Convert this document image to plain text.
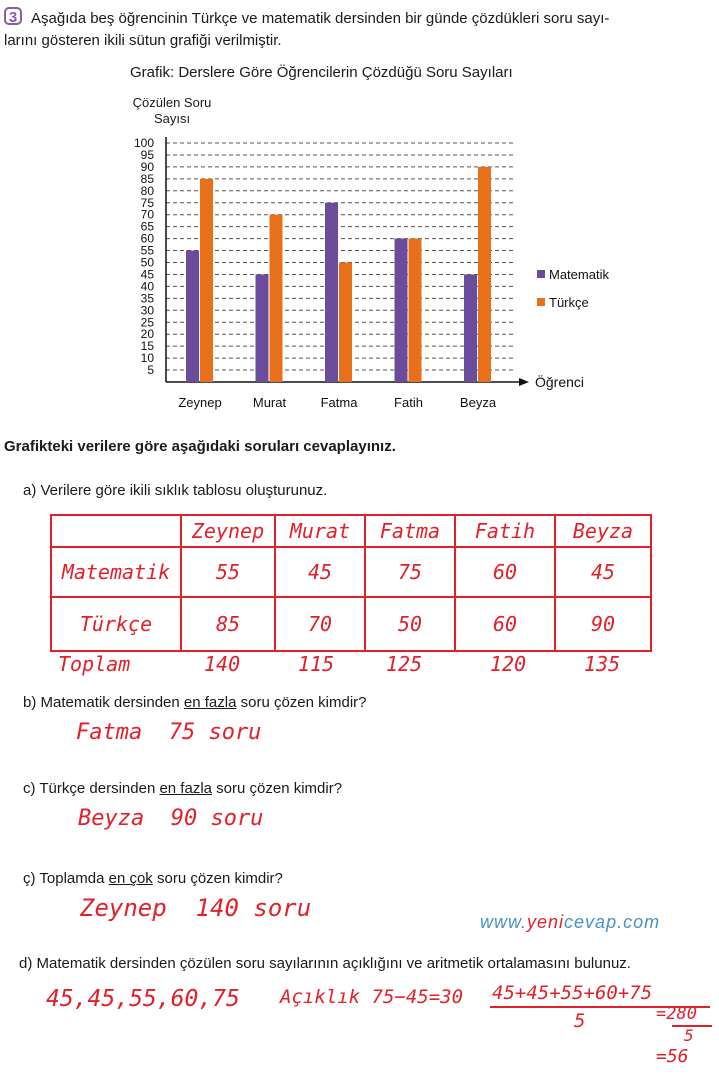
3 Aşağıda beş öğrencinin Türkçe ve matematik dersinden bir günde çözdükleri soru sayı-
larını gösteren ikili sütun grafiği verilmiştir.
Grafik: Derslere Göre Öğrencilerin Çözdüğü Soru Sayıları
Çözülen Soru
Sayısı
5
10
15
20
25
30
35
40
45
50
55
60
65
70
75
80
85
90
95
100
Öğrenci
Zeynep Murat	Fatma	Fatih	Beyza
Matematik
Türkçe
Grafikteki verilere göre aşağıdaki soruları cevaplayınız.
a) Verilere göre ikili sıklık tablosu oluşturunuz.
	Zeynep	Murat	Fatma	Fatih	Beyza
Matematik	55	45	75	60	45
Türkçe	85	70	50	60	90
Toplam	140	115	125	120	135
b) Matematik dersinden en fazla soru çözen kimdir?
Fatma  75 soru
c) Türkçe dersinden en fazla soru çözen kimdir?
Beyza  90 soru
ç) Toplamda en çok soru çözen kimdir?
Zeynep  140 soru	www.yenicevap.com
d) Matematik dersinden çözülen soru sayılarının açıklığını ve aritmetik ortalamasını bulunuz.
45,45,55,60,75 Açıklık 75−45=30 45+45+55+60+75
5	=280
5
=56
